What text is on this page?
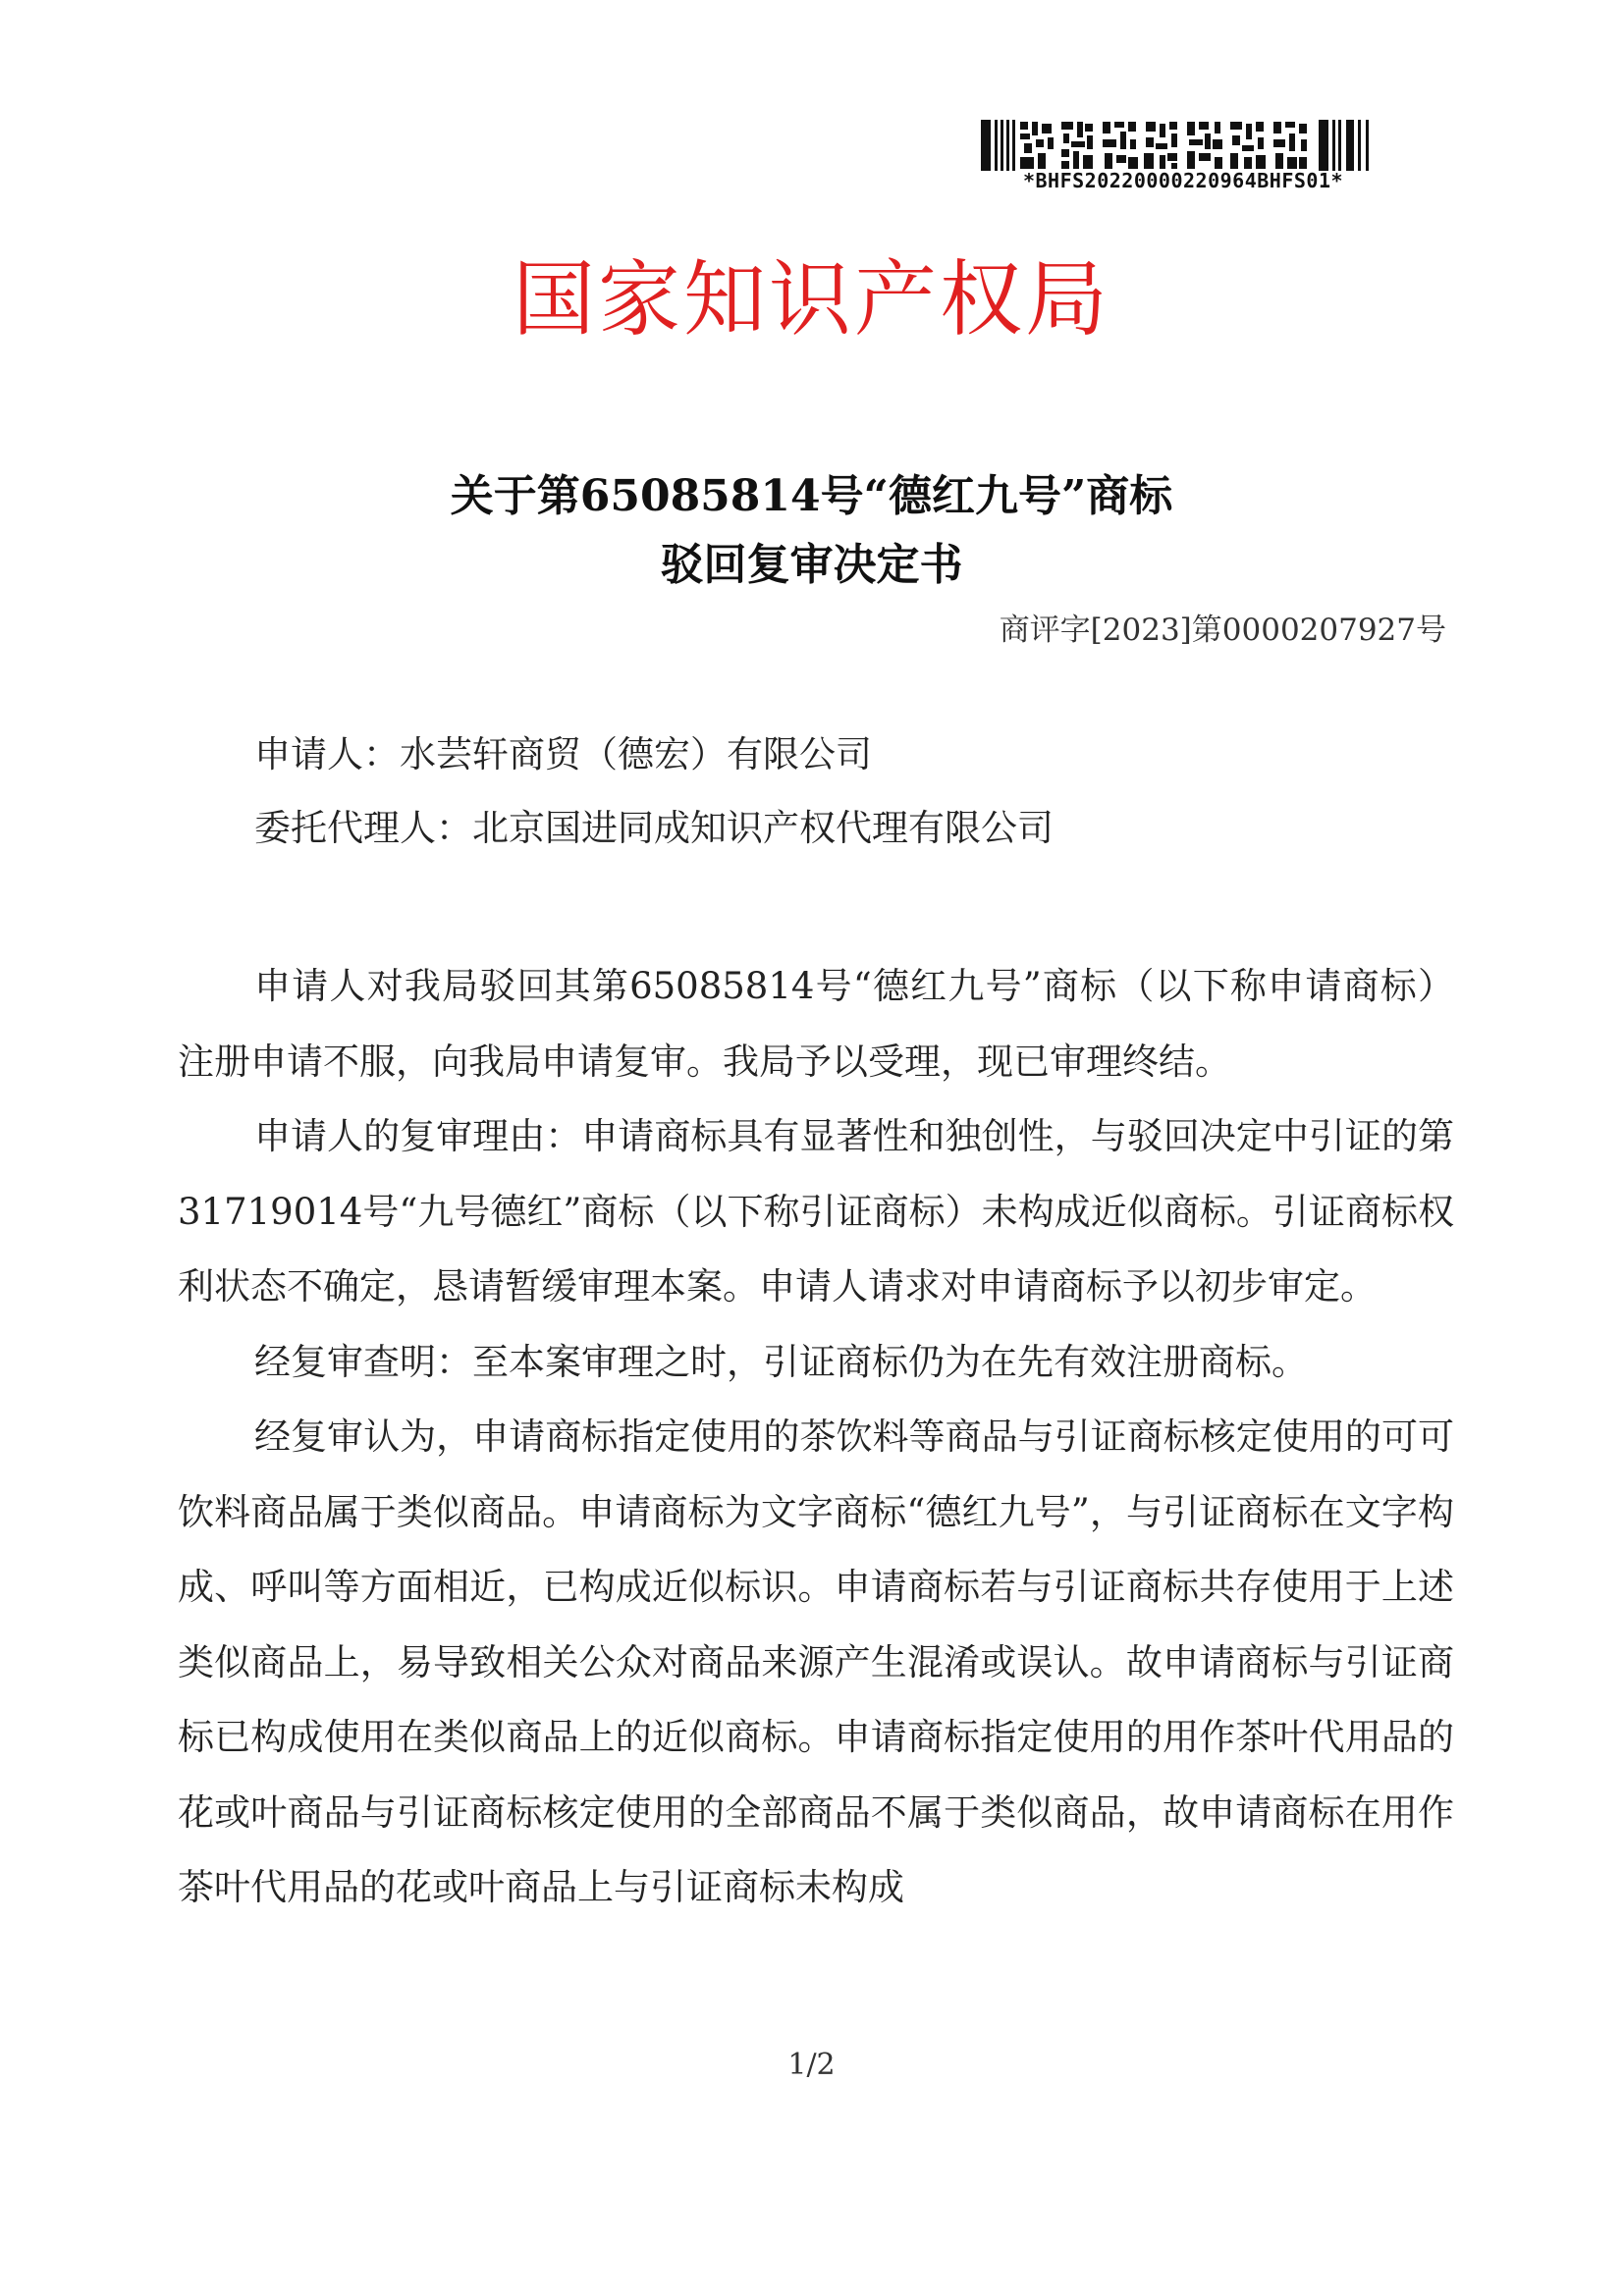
*BHFS20220000220964BHFS01*
国家知识产权局
关于第65085814号“德红九号”商标
驳回复审决定书
商评字[2023]第0000207927号
申请人：水芸轩商贸（德宏）有限公司
委托代理人：北京国进同成知识产权代理有限公司

申请人对我局驳回其第65085814号“德红九号”商标（以下称申请商标）注册申请不服，向我局申请复审。我局予以受理，现已审理终结。

申请人的复审理由：申请商标具有显著性和独创性，与驳回决定中引证的第31719014号“九号德红”商标（以下称引证商标）未构成近似商标。引证商标权利状态不确定，恳请暂缓审理本案。申请人请求对申请商标予以初步审定。

经复审查明：至本案审理之时，引证商标仍为在先有效注册商标。

经复审认为，申请商标指定使用的茶饮料等商品与引证商标核定使用的可可饮料商品属于类似商品。申请商标为文字商标“德红九号”，与引证商标在文字构成、呼叫等方面相近，已构成近似标识。申请商标若与引证商标共存使用于上述类似商品上，易导致相关公众对商品来源产生混淆或误认。故申请商标与引证商标已构成使用在类似商品上的近似商标。申请商标指定使用的用作茶叶代用品的花或叶商品与引证商标核定使用的全部商品不属于类似商品，故申请商标在用作茶叶代用品的花或叶商品上与引证商标未构成

1/2
